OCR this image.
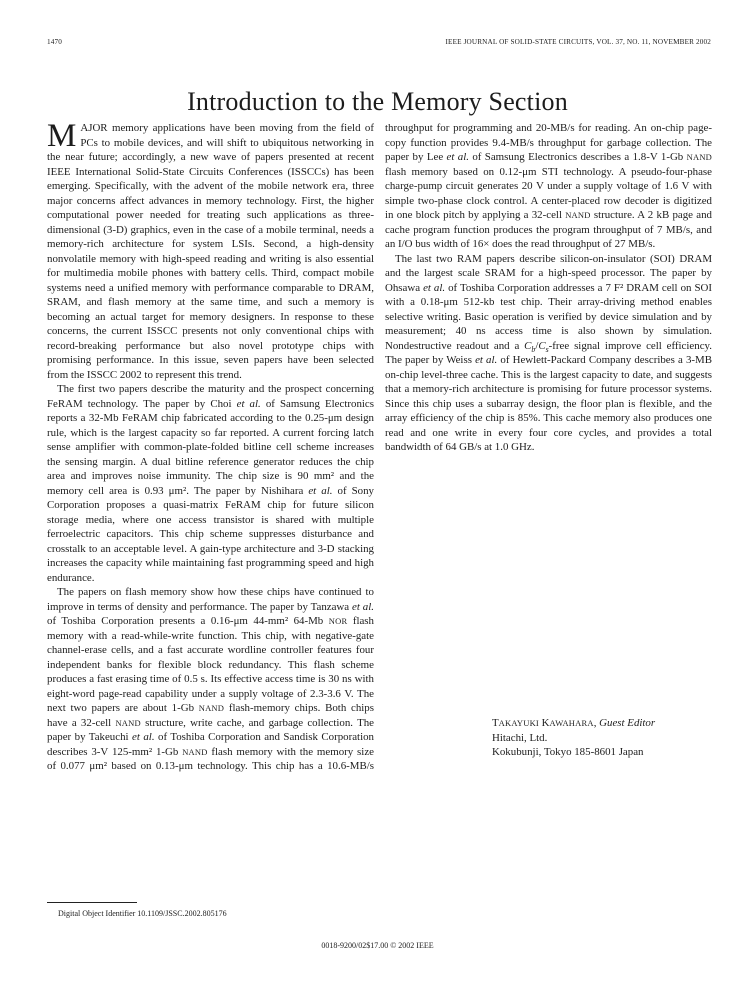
1470	IEEE JOURNAL OF SOLID-STATE CIRCUITS, VOL. 37, NO. 11, NOVEMBER 2002
Introduction to the Memory Section

MAJOR memory applications have been moving from the field of PCs to mobile devices, and will shift to ubiquitous networking in the near future; accordingly, a new wave of papers presented at recent IEEE International Solid-State Circuits Conferences (ISSCCs) has been emerging. Specifically, with the advent of the mobile network era, three major concerns affect advances in memory technology. First, the higher computational power needed for treating such applications as three-dimensional (3-D) graphics, even in the case of a mobile terminal, needs a memory-rich architecture for system LSIs. Second, a high-density nonvolatile memory with high-speed reading and writing is also essential for multimedia mobile phones with battery cells. Third, compact mobile systems need a unified memory with performance comparable to DRAM, SRAM, and flash memory at the same time, and such a memory is becoming an actual target for memory designers. In response to these concerns, the current ISSCC presents not only conventional chips with record-breaking performance but also novel prototype chips with promising performance. In this issue, seven papers have been selected from the ISSCC 2002 to represent this trend.

The first two papers describe the maturity and the prospect concerning FeRAM technology. The paper by Choi et al. of Samsung Electronics reports a 32-Mb FeRAM chip fabricated according to the 0.25-μm design rule, which is the largest capacity so far reported. A current forcing latch sense amplifier with common-plate-folded bitline cell scheme increases the sensing margin. A dual bitline reference generator reduces the chip area and improves noise immunity. The chip size is 90 mm² and the memory cell area is 0.93 μm². The paper by Nishihara et al. of Sony Corporation proposes a quasi-matrix FeRAM chip for future silicon storage media, where one access transistor is shared with multiple ferroelectric capacitors. This chip scheme suppresses disturbance and crosstalk to an acceptable level. A gain-type architecture and 3-D stacking increases the capacity while maintaining fast programming speed and high endurance.

The papers on flash memory show how these chips have continued to improve in terms of density and performance. The paper by Tanzawa et al. of Toshiba Corporation presents a 0.16-μm 44-mm² 64-Mb NOR flash memory with a read-while-write function. This chip, with negative-gate channel-erase cells, and a fast accurate wordline controller features four independent banks for flexible block redundancy. This flash scheme produces a fast erasing time of 0.5 s. Its effective access time is 30 ns with eight-word page-read capability under a supply voltage of 2.3-3.6 V. The next two papers are about 1-Gb NAND flash-memory chips. Both chips have a 32-cell NAND structure, write cache, and garbage collection. The paper by Takeuchi et al. of Toshiba Corporation and Sandisk Corporation describes 3-V 125-mm² 1-Gb NAND flash memory with the memory size of 0.077 μm² based on 0.13-μm technology. This chip has a 10.6-MB/s throughput for programming and 20-MB/s for reading. An on-chip page-copy function provides 9.4-MB/s throughput for garbage collection. The paper by Lee et al. of Samsung Electronics describes a 1.8-V 1-Gb NAND flash memory based on 0.12-μm STI technology. A pseudo-four-phase charge-pump circuit generates 20 V under a supply voltage of 1.6 V with simple two-phase clock control. A center-placed row decoder is digitized in one block pitch by applying a 32-cell NAND structure. A 2 kB page and cache program function produces the program throughput of 7 MB/s, and an I/O bus width of 16× does the read throughput of 27 MB/s.

The last two RAM papers describe silicon-on-insulator (SOI) DRAM and the largest scale SRAM for a high-speed processor. The paper by Ohsawa et al. of Toshiba Corporation addresses a 7 F² DRAM cell on SOI with a 0.18-μm 512-kb test chip. Their array-driving method enables selective writing. Basic operation is verified by device simulation and by measurement; 40 ns access time is also shown by simulation. Nondestructive readout and a $C_b/C_s$-free signal improve cell efficiency. The paper by Weiss et al. of Hewlett-Packard Company describes a 3-MB on-chip level-three cache. This is the largest capacity to date, and suggests that a memory-rich architecture is promising for future processor systems. Since this chip uses a subarray design, the floor plan is flexible, and the array efficiency of the chip is 85%. This cache memory also produces one read and one write in every four core cycles, and provides a total bandwidth of 64 GB/s at 1.0 GHz.

TAKAYUKI KAWAHARA, Guest Editor
Hitachi, Ltd.
Kokubunji, Tokyo 185-8601 Japan
Digital Object Identifier 10.1109/JSSC.2002.805176
0018-9200/02$17.00 © 2002 IEEE
